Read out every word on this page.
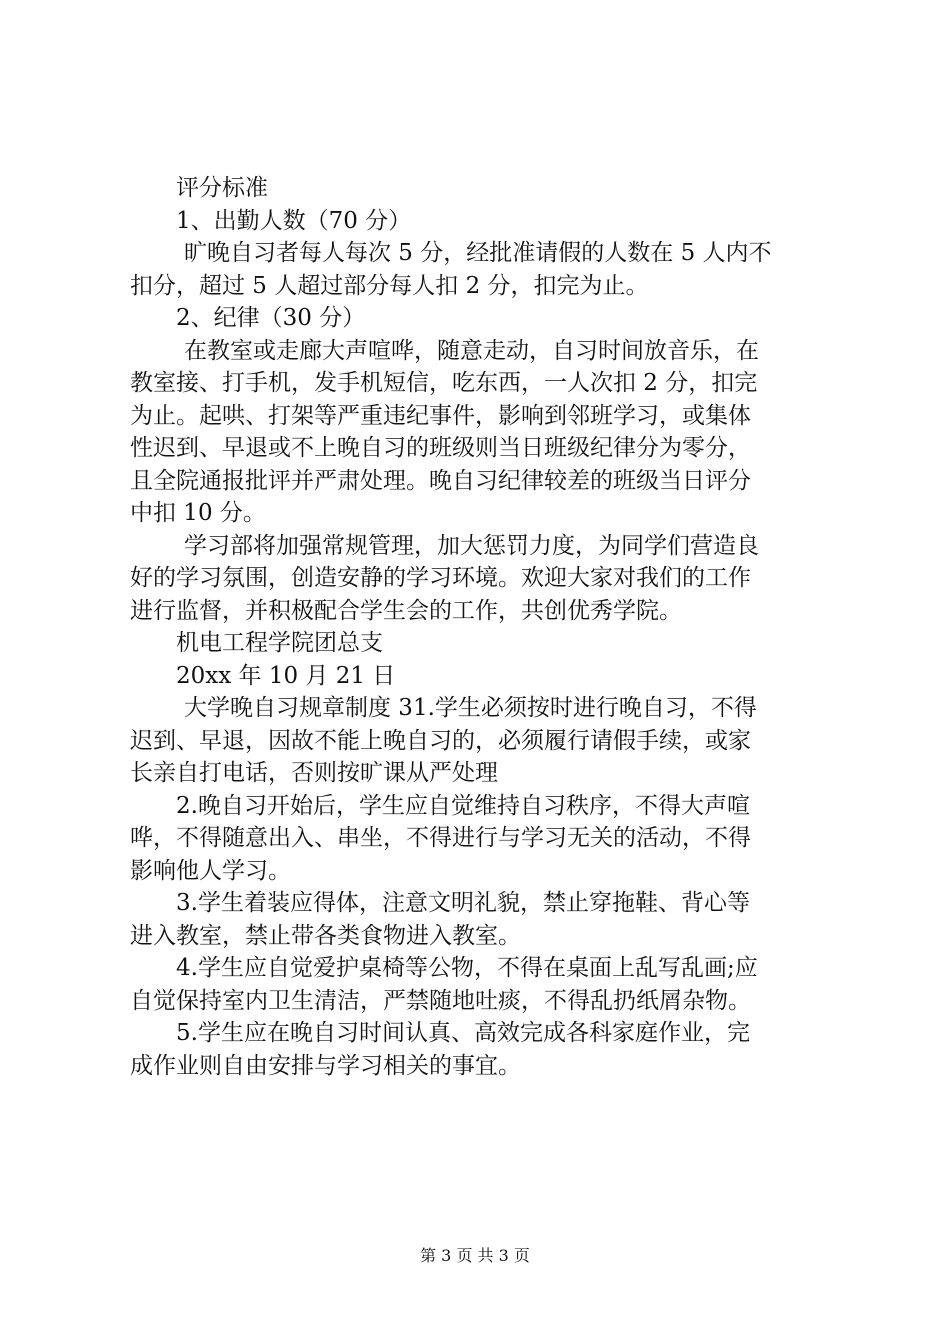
评分标准
1、出勤人数（70 分）
旷晚自习者每人每次 5 分，经批准请假的人数在 5 人内不
扣分，超过 5 人超过部分每人扣 2 分，扣完为止。
2、纪律（30 分）
在教室或走廊大声喧哗，随意走动，自习时间放音乐，在
教室接、打手机，发手机短信，吃东西，一人次扣 2 分，扣完
为止。起哄、打架等严重违纪事件，影响到邻班学习，或集体
性迟到、早退或不上晚自习的班级则当日班级纪律分为零分，
且全院通报批评并严肃处理。晚自习纪律较差的班级当日评分
中扣 10 分。
学习部将加强常规管理，加大惩罚力度，为同学们营造良
好的学习氛围，创造安静的学习环境。欢迎大家对我们的工作
进行监督，并积极配合学生会的工作，共创优秀学院。
机电工程学院团总支
20xx 年 10 月 21 日
大学晚自习规章制度 31.学生必须按时进行晚自习，不得
迟到、早退，因故不能上晚自习的，必须履行请假手续，或家
长亲自打电话，否则按旷课从严处理
2.晚自习开始后，学生应自觉维持自习秩序，不得大声喧
哗，不得随意出入、串坐，不得进行与学习无关的活动，不得
影响他人学习。
3.学生着装应得体，注意文明礼貌，禁止穿拖鞋、背心等
进入教室，禁止带各类食物进入教室。
4.学生应自觉爱护桌椅等公物，不得在桌面上乱写乱画;应
自觉保持室内卫生清洁，严禁随地吐痰，不得乱扔纸屑杂物。
5.学生应在晚自习时间认真、高效完成各科家庭作业，完
成作业则自由安排与学习相关的事宜。
第 3 页 共 3 页
